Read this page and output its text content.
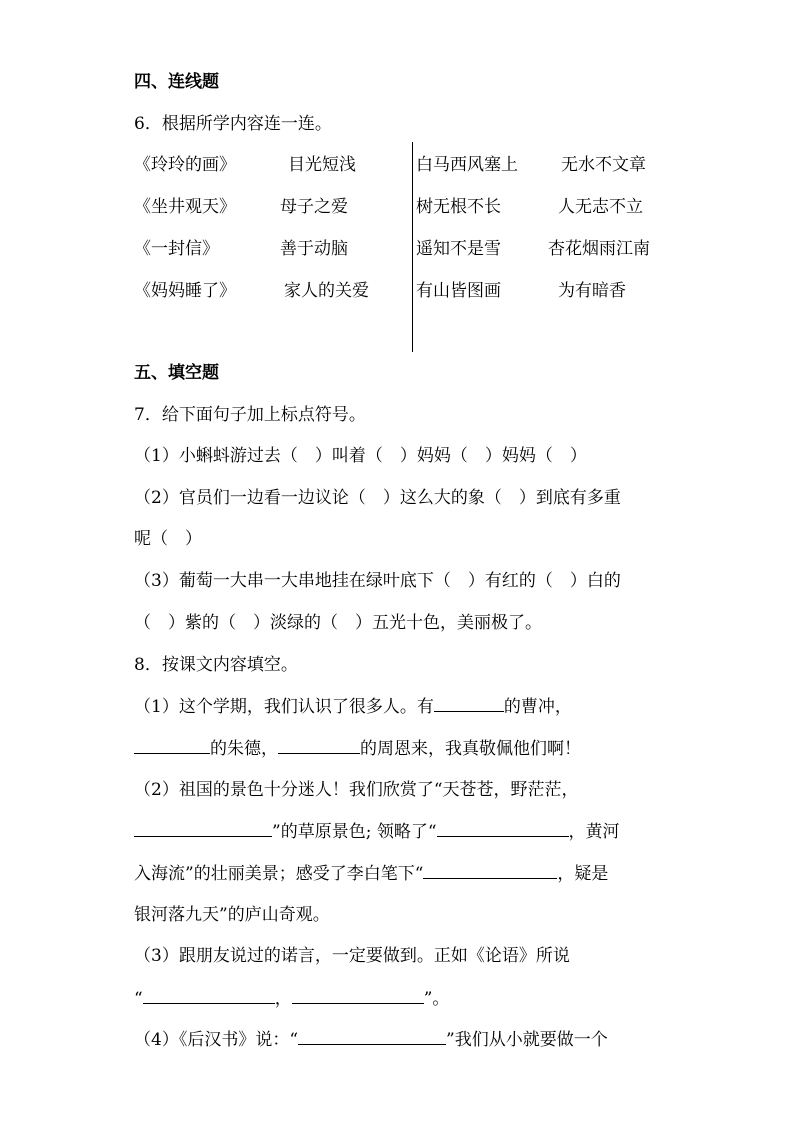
四、连线题
6．根据所学内容连一连。
《玲玲的画》	目光短浅
《坐井观天》	母子之爱
《一封信》	善于动脑
《妈妈睡了》	家人的关爱
白马西风塞上	无水不文章
树无根不长	人无志不立
遥知不是雪	杏花烟雨江南
有山皆图画	为有暗香
五、填空题
7．给下面句子加上标点符号。
（1）小蝌蚪游过去（　）叫着（　）妈妈（　）妈妈（　）
（2）官员们一边看一边议论（　）这么大的象（　）到底有多重
呢（　）
（3）葡萄一大串一大串地挂在绿叶底下（　）有红的（　）白的
（　）紫的（　）淡绿的（　）五光十色，美丽极了。
8．按课文内容填空。
（1）这个学期，我们认识了很多人。有	的曹冲，
的朱德，	的周恩来，我真敬佩他们啊！
（2）祖国的景色十分迷人！我们欣赏了“天苍苍，野茫茫，
”的草原景色; 领略了“	，黄河
入海流”的壮丽美景；感受了李白笔下“	，疑是
银河落九天”的庐山奇观。
（3）跟朋友说过的诺言，一定要做到。正如《论语》所说
“	，	”。
（4）《后汉书》说：“	”我们从小就要做一个
